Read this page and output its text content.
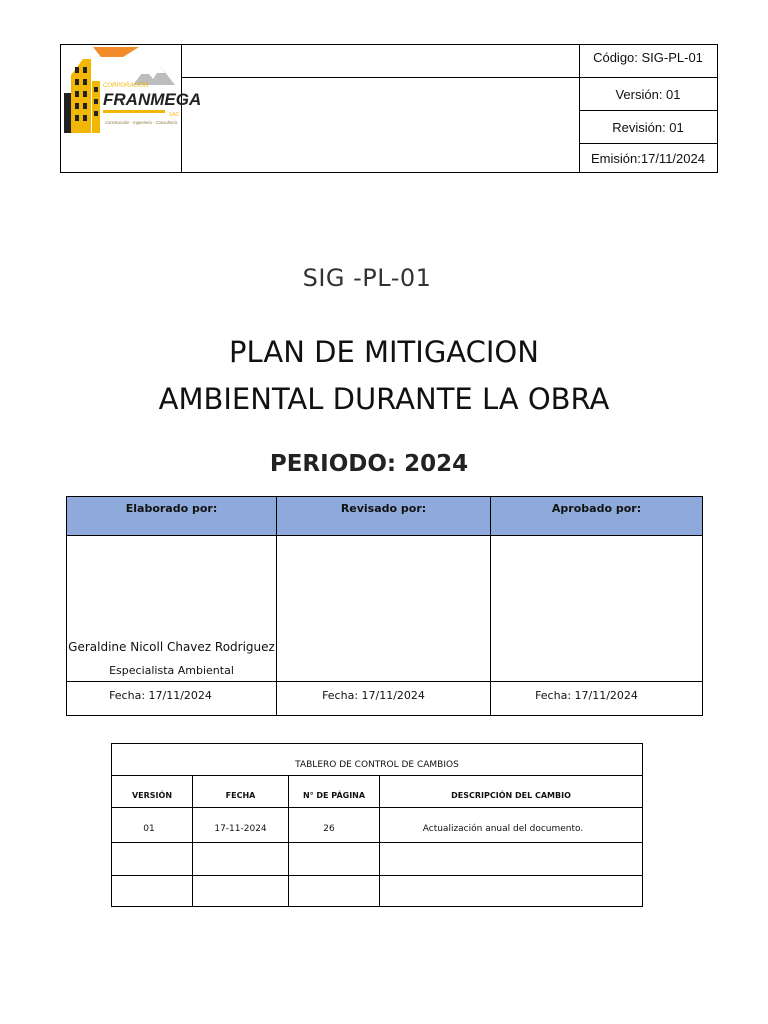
CORPORACIÓN
FRANMEGA
SAC
Construcción · Ingeniería · Consultoría
Código: SIG-PL-01
Versión: 01
Revisión: 01
Emisión:17/11/2024
SIG -PL-01
PLAN DE MITIGACION
AMBIENTAL DURANTE LA OBRA
PERIODO: 2024
Elaborado por:	Revisado por:	Aprobado por:
Geraldine Nicoll Chavez Rodriguez
Especialista Ambiental
Fecha: 17/11/2024	Fecha: 17/11/2024	Fecha: 17/11/2024
TABLERO DE CONTROL DE CAMBIOS
VERSIÓN	FECHA	N° DE PÁGINA	DESCRIPCIÓN DEL CAMBIO
01	17-11-2024	26	Actualización anual del documento.
